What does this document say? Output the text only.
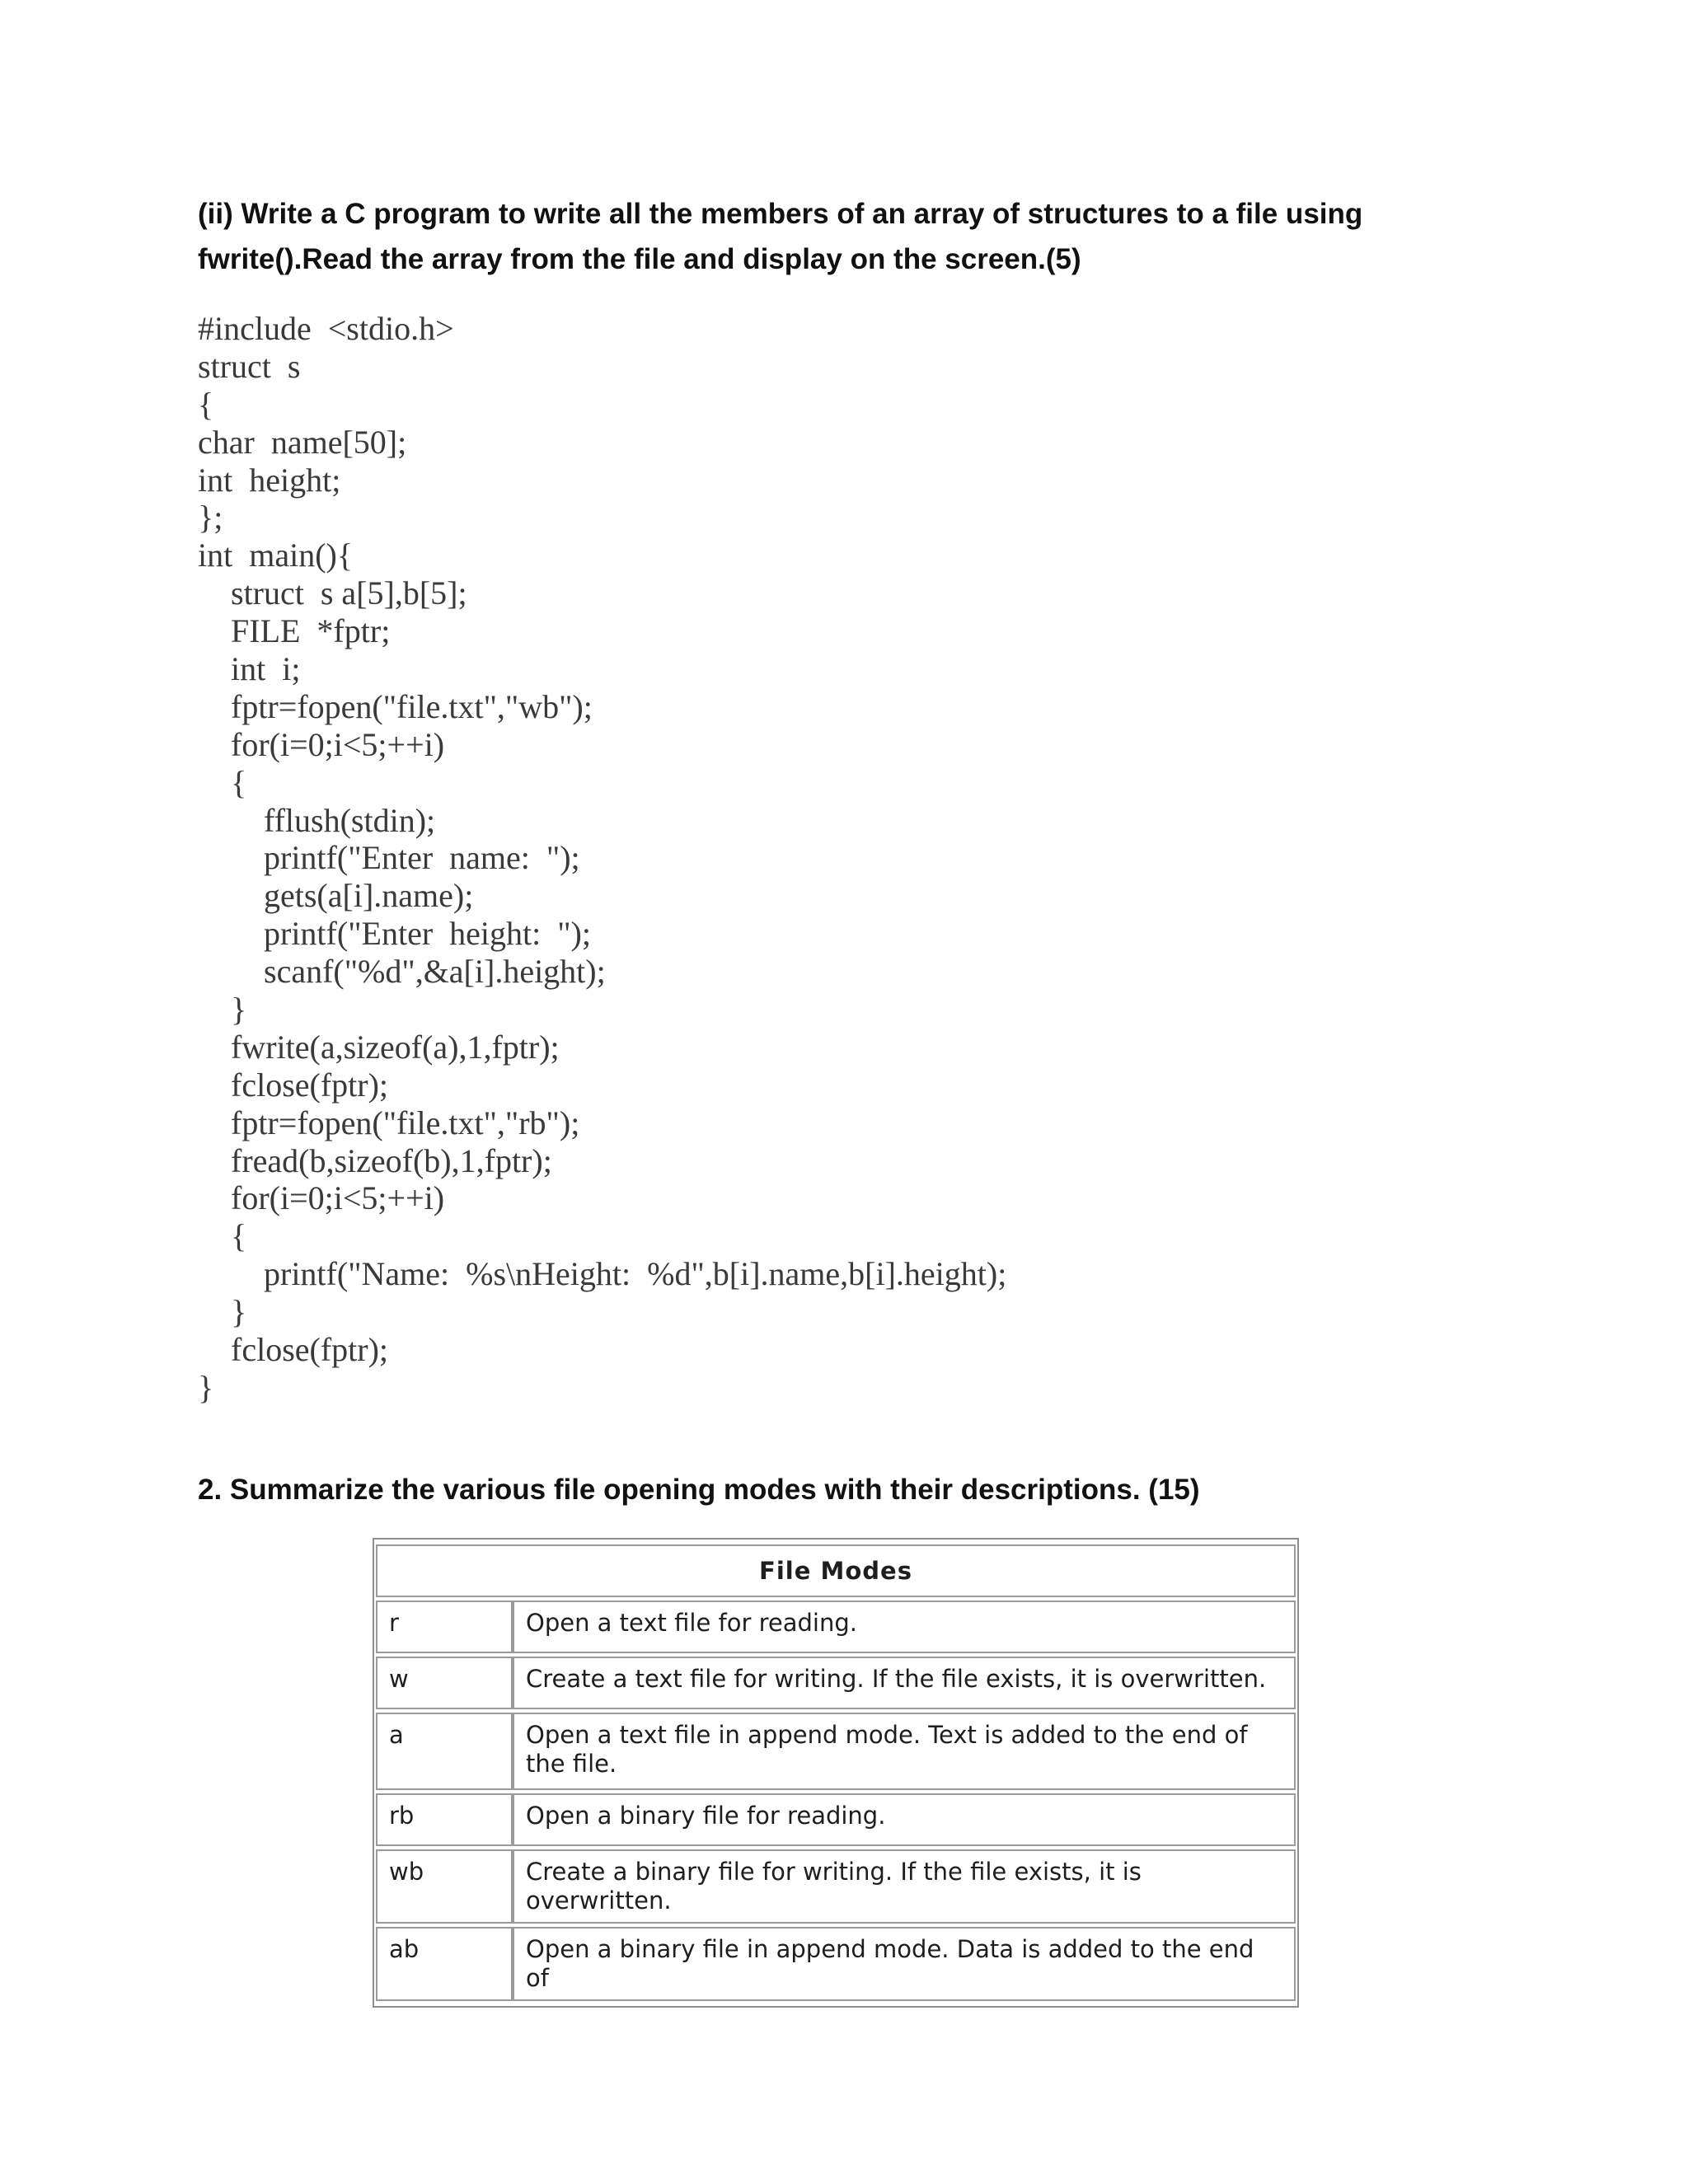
(ii) Write a C program to write all the members of an array of structures to a file using fwrite().Read the array from the file and display on the screen.(5)
#include  <stdio.h>
struct  s
{
char  name[50];
int  height;
};
int  main(){
struct  s a[5],b[5];
FILE  *fptr;
int  i;
fptr=fopen("file.txt","wb");
for(i=0;i<5;++i)
{
fflush(stdin);
printf("Enter  name:  ");
gets(a[i].name);
printf("Enter  height:  ");
scanf("%d",&a[i].height);
}
fwrite(a,sizeof(a),1,fptr);
fclose(fptr);
fptr=fopen("file.txt","rb");
fread(b,sizeof(b),1,fptr);
for(i=0;i<5;++i)
{
printf("Name:  %s\nHeight:  %d",b[i].name,b[i].height);
}
fclose(fptr);
}
2. Summarize the various file opening modes with their descriptions. (15)
File Modes	
r	Open a text file for reading.
w	Create a text file for writing. If the file exists, it is overwritten.
a	Open a text file in append mode. Text is added to the end of the file.
rb	Open a binary file for reading.
wb	Create a binary file for writing. If the file exists, it is overwritten.
ab	Open a binary file in append mode. Data is added to the end of
